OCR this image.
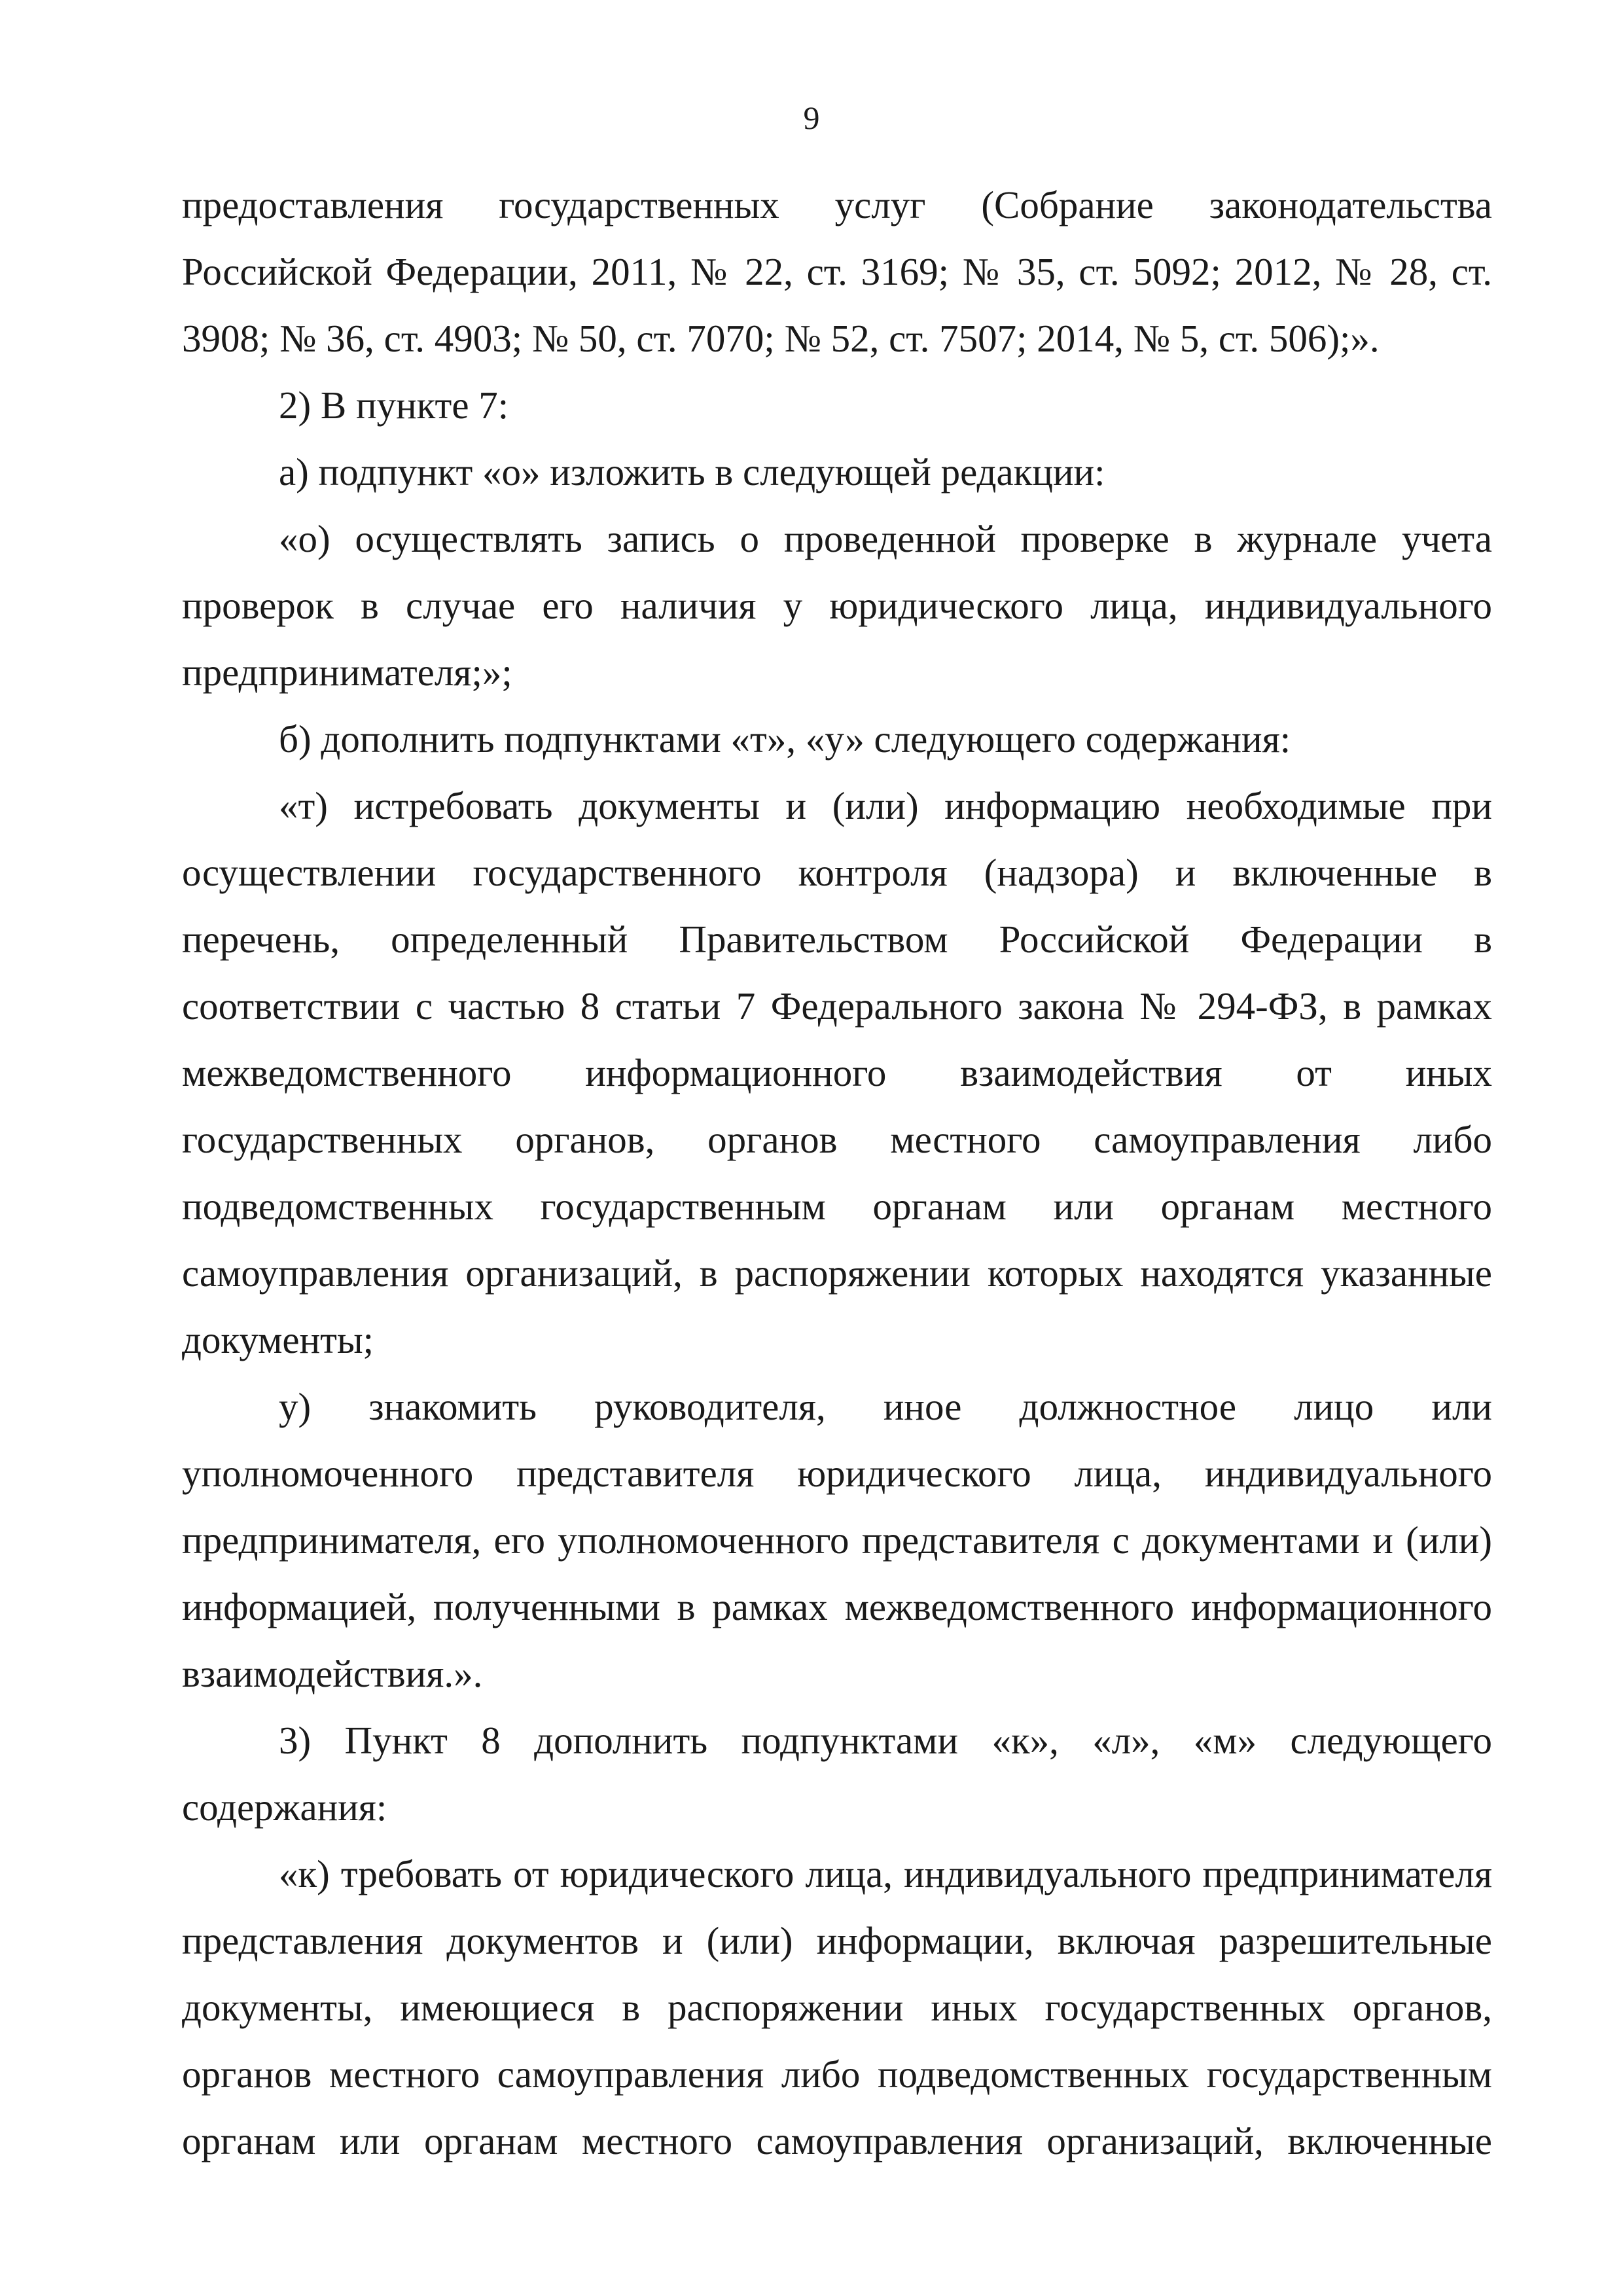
9

предоставления государственных услуг (Собрание законодательства Российской Федерации, 2011, № 22, ст. 3169; № 35, ст. 5092; 2012, № 28, ст. 3908; № 36, ст. 4903; № 50, ст. 7070; № 52, ст. 7507; 2014, № 5, ст. 506);».

2) В пункте 7:

а) подпункт «о» изложить в следующей редакции:

«о) осуществлять запись о проведенной проверке в журнале учета проверок в случае его наличия у юридического лица, индивидуального предпринимателя;»;

б) дополнить подпунктами «т», «у» следующего содержания:

«т) истребовать документы и (или) информацию необходимые при осуществлении государственного контроля (надзора) и включенные в перечень, определенный Правительством Российской Федерации в соответствии с частью 8 статьи 7 Федерального закона № 294-ФЗ, в рамках межведомственного информационного взаимодействия от иных государственных органов, органов местного самоуправления либо подведомственных государственным органам или органам местного самоуправления организаций, в распоряжении которых находятся указанные документы;

у) знакомить руководителя, иное должностное лицо или уполномоченного представителя юридического лица, индивидуального предпринимателя, его уполномоченного представителя с документами и (или) информацией, полученными в рамках межведомственного информационного взаимодействия.».

3) Пункт 8 дополнить подпунктами «к», «л», «м» следующего содержания:

«к) требовать от юридического лица, индивидуального предпринимателя представления документов и (или) информации, включая разрешительные документы, имеющиеся в распоряжении иных государственных органов, органов местного самоуправления либо подведомственных государственным органам или органам местного самоуправления организаций, включенные
